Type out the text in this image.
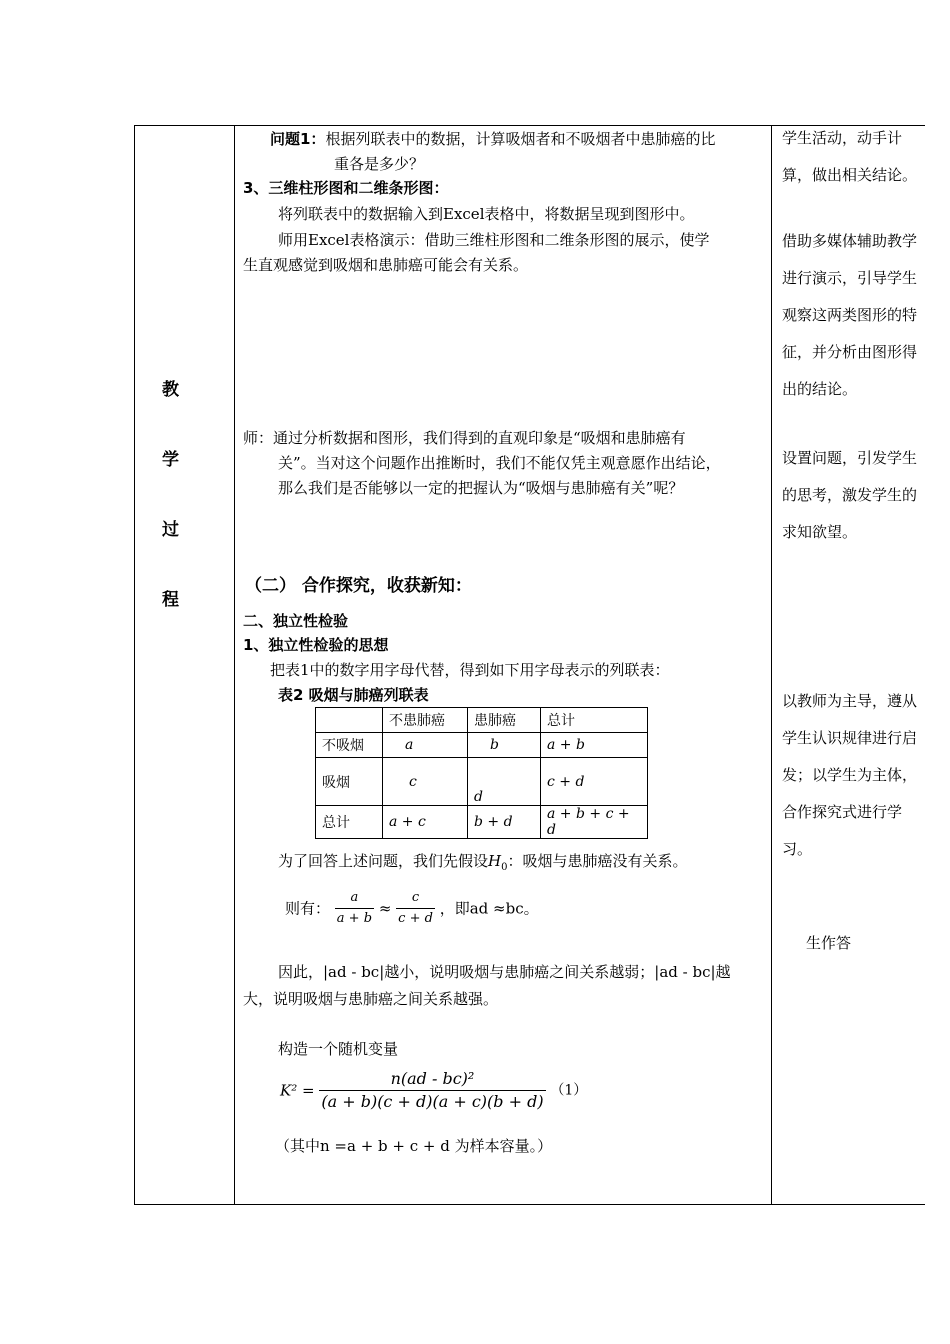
教
学
过
程
问题1：根据列联表中的数据，计算吸烟者和不吸烟者中患肺癌的比
重各是多少？
3、三维柱形图和二维条形图：
将列联表中的数据输入到Excel表格中，将数据呈现到图形中。
师用Excel表格演示：借助三维柱形图和二维条形图的展示，使学
生直观感觉到吸烟和患肺癌可能会有关系。
师：通过分析数据和图形，我们得到的直观印象是“吸烟和患肺癌有
关”。当对这个问题作出推断时，我们不能仅凭主观意愿作出结论，
那么我们是否能够以一定的把握认为“吸烟与患肺癌有关”呢？
（二） 合作探究，收获新知：
二、独立性检验
1、独立性检验的思想
把表1中的数字用字母代替，得到如下用字母表示的列联表：
表2 吸烟与肺癌列联表
	不患肺癌	患肺癌	总计
不吸烟	a	b	a + b
吸烟	c	d	c + d
总计	a + c	b + d	a + b + c + d
为了回答上述问题，我们先假设$H_0$：吸烟与患肺癌没有关系。
则有： $\frac{a}{a + b} \approx \frac{c}{c + d}$ ，即ad ≈bc。
因此，|ad - bc|越小，说明吸烟与患肺癌之间关系越弱；|ad - bc|越
大，说明吸烟与患肺癌之间关系越强。
构造一个随机变量
$K^2 = \frac{\text{n(ad - bc)²}}{(a + b)(c + d)(a + c)(b + d)} (1)$
（其中n =a + b + c + d 为样本容量。）
学生活动，动手计算，做出相关结论。
借助多媒体辅助教学进行演示，引导学生观察这两类图形的特征，并分析由图形得出的结论。
设置问题，引发学生的思考，激发学生的求知欲望。
以教师为主导，遵从学生认识规律进行启发；以学生为主体，合作探究式进行学习。
生作答
